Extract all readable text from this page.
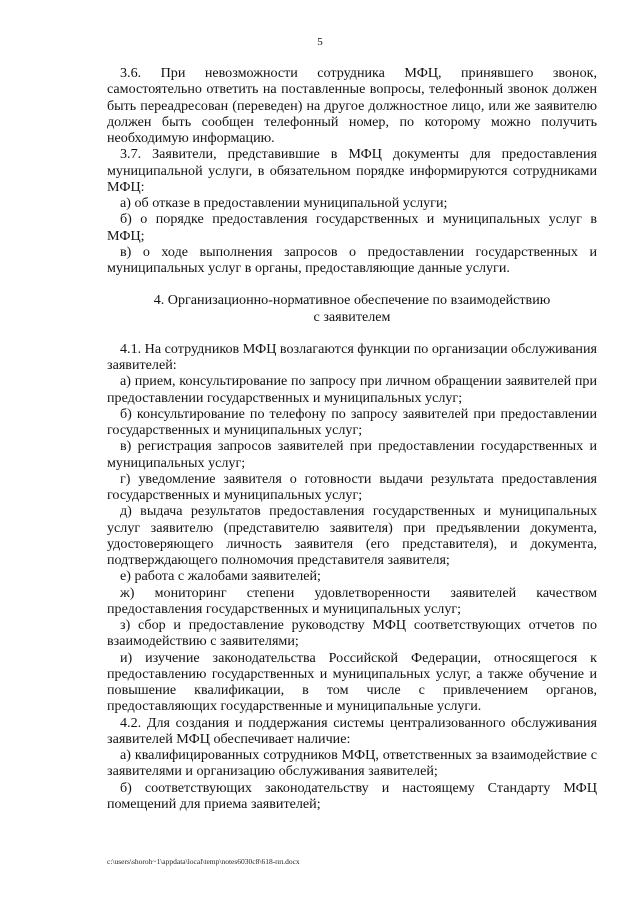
5

3.6. При невозможности сотрудника МФЦ, принявшего звонок, самостоятельно ответить на поставленные вопросы, телефонный звонок должен быть переадресован (переведен) на другое должностное лицо, или же заявителю должен быть сообщен телефонный номер, по которому можно получить необходимую информацию.

3.7. Заявители, представившие в МФЦ документы для предоставления муниципальной услуги, в обязательном порядке информируются сотрудниками МФЦ:

а) об отказе в предоставлении муниципальной услуги;

б) о порядке предоставления государственных и муниципальных услуг в МФЦ;

в) о ходе выполнения запросов о предоставлении государственных и муниципальных услуг в органы, предоставляющие данные услуги.

4. Организационно-нормативное обеспечение по взаимодействию
с заявителем

4.1. На сотрудников МФЦ возлагаются функции по организации обслуживания заявителей:

а) прием, консультирование по запросу при личном обращении заявителей при предоставлении государственных и муниципальных услуг;

б) консультирование по телефону по запросу заявителей при предоставлении государственных и муниципальных услуг;

в) регистрация запросов заявителей при предоставлении государственных и муниципальных услуг;

г) уведомление заявителя о готовности выдачи результата предоставления государственных и муниципальных услуг;

д) выдача результатов предоставления государственных и муниципальных услуг заявителю (представителю заявителя) при предъявлении документа, удостоверяющего личность заявителя (его представителя), и документа, подтверждающего полномочия представителя заявителя;

е) работа с жалобами заявителей;

ж) мониторинг степени удовлетворенности заявителей качеством предоставления государственных и муниципальных услуг;

з) сбор и предоставление руководству МФЦ соответствующих отчетов по взаимодействию с заявителями;

и) изучение законодательства Российской Федерации, относящегося к предоставлению государственных и муниципальных услуг, а также обучение и повышение квалификации, в том числе с привлечением органов, предоставляющих государственные и муниципальные услуги.

4.2. Для создания и поддержания системы централизованного обслуживания заявителей МФЦ обеспечивает наличие:

а) квалифицированных сотрудников МФЦ, ответственных за взаимодействие с заявителями и организацию обслуживания заявителей;

б) соответствующих законодательству и настоящему Стандарту МФЦ помещений для приема заявителей;

c:\users\shoroh~1\appdata\local\temp\notes6030c8\618-пп.docx
